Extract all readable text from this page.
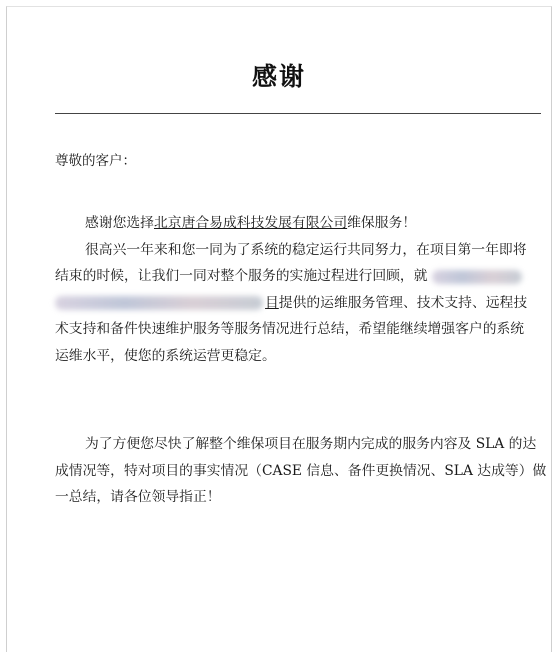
感谢
尊敬的客户：
感谢您选择北京唐合易成科技发展有限公司维保服务！
很高兴一年来和您一同为了系统的稳定运行共同努力，在项目第一年即将
结束的时候，让我们一同对整个服务的实施过程进行回顾，就
目提供的运维服务管理、技术支持、远程技
术支持和备件快速维护服务等服务情况进行总结，希望能继续增强客户的系统
运维水平，使您的系统运营更稳定。
为了方便您尽快了解整个维保项目在服务期内完成的服务内容及 SLA 的达
成情况等，特对项目的事实情况（CASE 信息、备件更换情况、SLA 达成等）做
一总结，请各位领导指正！
